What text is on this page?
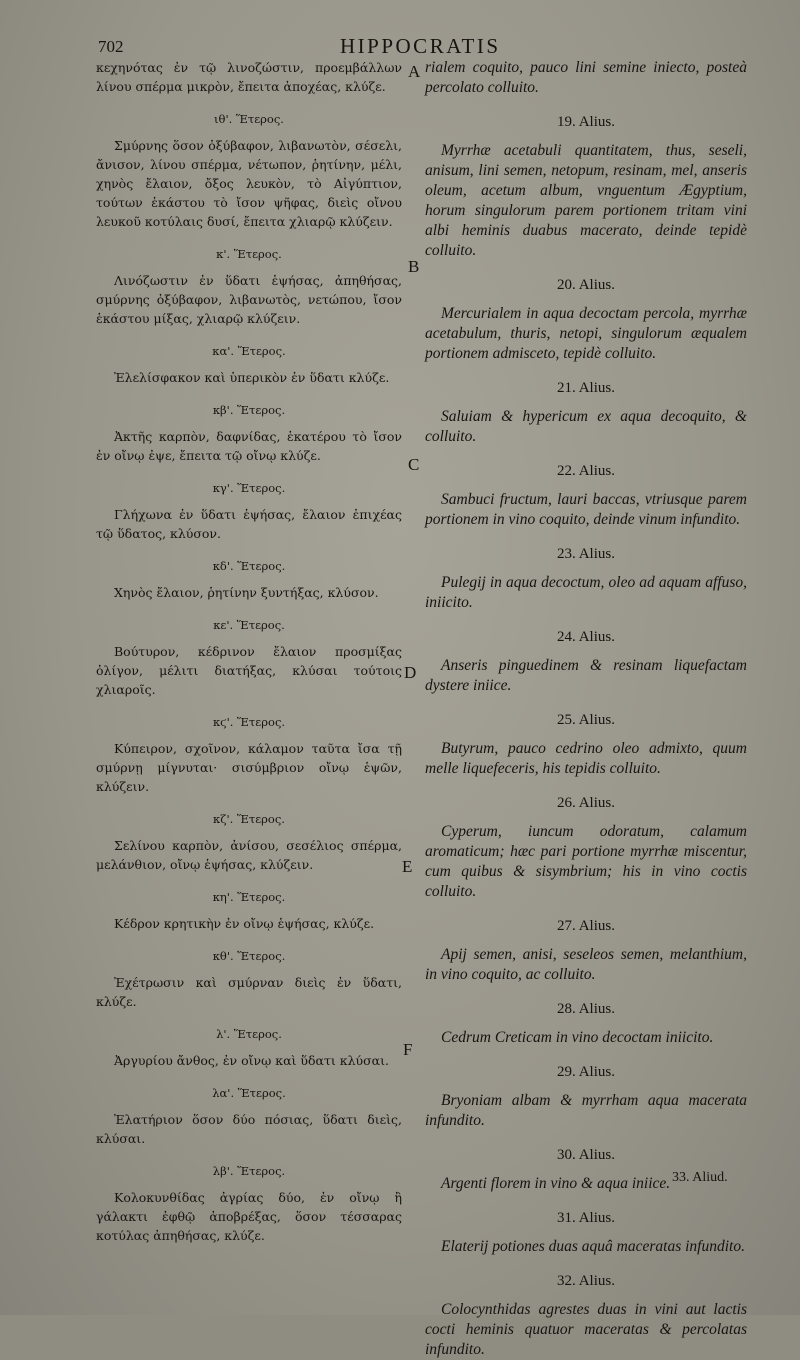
702	HIPPOCRATIS

κεχηνότας ἐν τῷ λινοζώστιν, προεμβάλλων λίνου σπέρμα μικρὸν, ἔπειτα ἀποχέας, κλύζε.

ιθ'. Ἕτερος.

Σμύρνης ὅσον ὀξύβαφον, λιβανωτὸν, σέσελι, ἄνισον, λίνου σπέρμα, νέτωπον, ῥητίνην, μέλι, χηνὸς ἔλαιον, ὄξος λευκὸν, τὸ Αἰγύπτιον, τούτων ἑκάστου τὸ ἴσον ψῆφας, διεὶς οἴνου λευκοῦ κοτύλαις δυσί, ἔπειτα χλιαρῷ κλύζειν.

κ'. Ἕτερος.

Λινόζωστιν ἐν ὕδατι ἑψήσας, ἀπηθήσας, σμύρνης ὀξύβαφον, λιβανωτὸς, νετώπου, ἴσον ἑκάστου μίξας, χλιαρῷ κλύζειν.

κα'. Ἕτερος.

Ἐλελίσφακον καὶ ὑπερικὸν ἐν ὕδατι κλύζε.

κβ'. Ἕτερος.

Ἀκτῆς καρπὸν, δαφνίδας, ἑκατέρου τὸ ἴσον ἐν οἴνῳ ἐψε, ἔπειτα τῷ οἴνῳ κλύζε.

κγ'. Ἕτερος.

Γλήχωνα ἐν ὕδατι ἑψήσας, ἔλαιον ἐπιχέας τῷ ὕδατος, κλύσον.

κδ'. Ἕτερος.

Χηνὸς ἔλαιον, ῥητίνην ξυντήξας, κλύσον.

κε'. Ἕτερος.

Βούτυρον, κέδρινον ἔλαιον προσμίξας ὀλίγον, μέλιτι διατήξας, κλύσαι τούτοις χλιαροῖς.

κϛ'. Ἕτερος.

Κύπειρον, σχοῖνον, κάλαμον ταῦτα ἴσα τῇ σμύρνῃ μίγνυται· σισύμβριον οἴνῳ ἑψῶν, κλύζειν.

κζ'. Ἕτερος.

Σελίνου καρπὸν, ἀνίσου, σεσέλιος σπέρμα, μελάνθιον, οἴνῳ ἑψήσας, κλύζειν.

κη'. Ἕτερος.

Κέδρον κρητικὴν ἐν οἴνῳ ἑψήσας, κλύζε.

κθ'. Ἕτερος.

Ἐχέτρωσιν καὶ σμύρναν διεὶς ἐν ὕδατι, κλύζε.

λ'. Ἕτερος.

Ἀργυρίου ἄνθος, ἐν οἴνῳ καὶ ὕδατι κλύσαι.

λα'. Ἕτερος.

Ἐλατήριον ὅσον δύο πόσιας, ὕδατι διεὶς, κλύσαι.

λβ'. Ἕτερος.

Κολοκυνθίδας ἀγρίας δύο, ἐν οἴνῳ ἢ γάλακτι ἐφθῷ ἀποβρέξας, ὅσον τέσσαρας κοτύλας ἀπηθήσας, κλύζε.

rialem coquito, pauco lini semine iniecto, posteà percolato colluito.

19. Alius.

Myrrhæ acetabuli quantitatem, thus, seseli, anisum, lini semen, netopum, resinam, mel, anseris oleum, acetum album, vnguentum Ægyptium, horum singulorum parem portionem tritam vini albi heminis duabus macerato, deinde tepidè colluito.

20. Alius.

Mercurialem in aqua decoctam percola, myrrhæ acetabulum, thuris, netopi, singulorum æqualem portionem admisceto, tepidè colluito.

21. Alius.

Saluiam & hypericum ex aqua decoquito, & colluito.

22. Alius.

Sambuci fructum, lauri baccas, vtriusque parem portionem in vino coquito, deinde vinum infundito.

23. Alius.

Pulegij in aqua decoctum, oleo ad aquam affuso, iniicito.

24. Alius.

Anseris pinguedinem & resinam liquefactam dystere iniice.

25. Alius.

Butyrum, pauco cedrino oleo admixto, quum melle liquefeceris, his tepidis colluito.

26. Alius.

Cyperum, iuncum odoratum, calamum aromaticum; hæc pari portione myrrhæ miscentur, cum quibus & sisymbrium; his in vino coctis colluito.

27. Alius.

Apij semen, anisi, seseleos semen, melanthium, in vino coquito, ac colluito.

28. Alius.

Cedrum Creticam in vino decoctam iniicito.

29. Alius.

Bryoniam albam & myrrham aqua macerata infundito.

30. Alius.

Argenti florem in vino & aqua iniice.

31. Alius.

Elaterij potiones duas aquâ maceratas infundito.

32. Alius.

Colocynthidas agrestes duas in vini aut lactis cocti heminis quatuor maceratas & percolatas infundito.

A
B
C
D
E
F
33. Aliud.
